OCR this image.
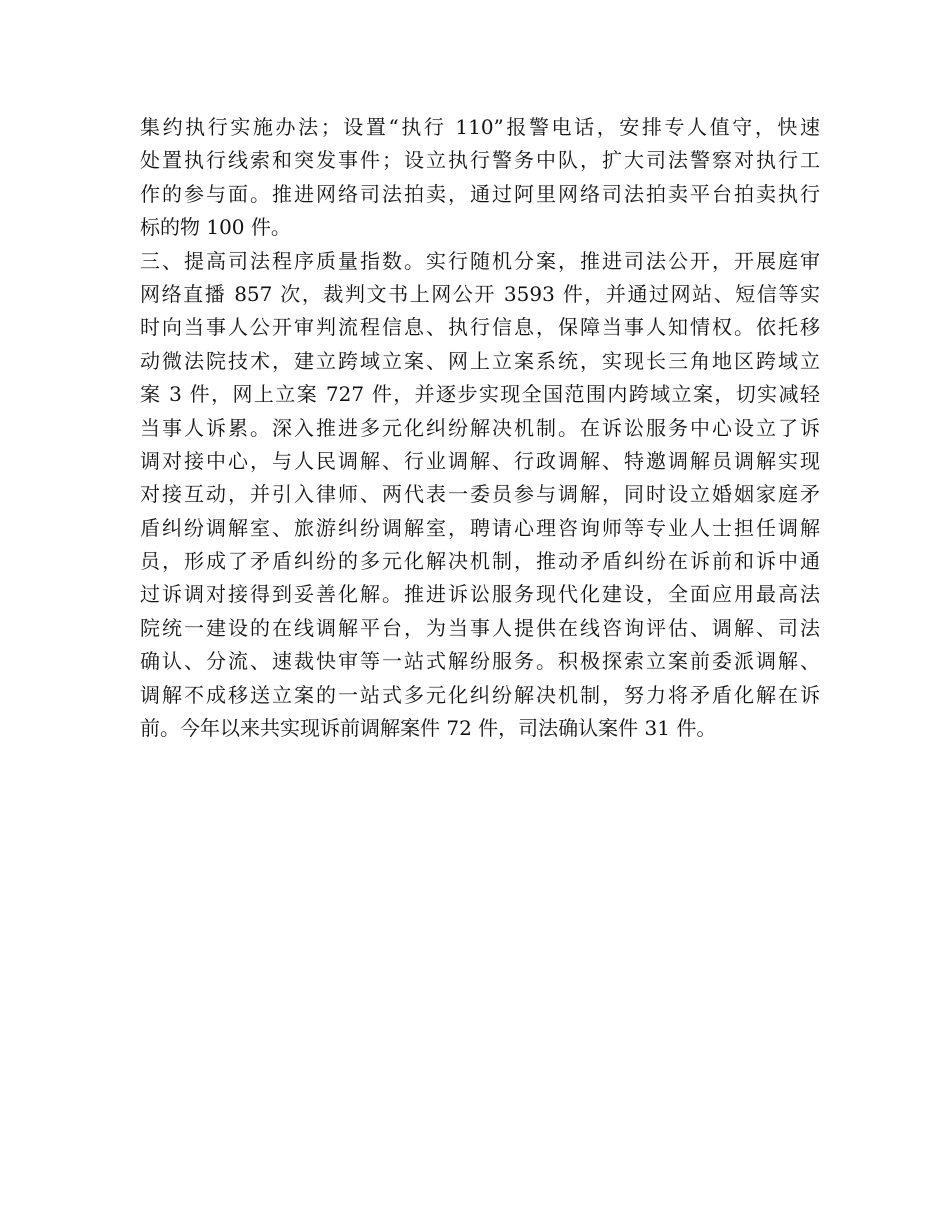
集约执行实施办法；设置“执行 110”报警电话，安排专人值守，快速
处置执行线索和突发事件；设立执行警务中队，扩大司法警察对执行工
作的参与面。推进网络司法拍卖，通过阿里网络司法拍卖平台拍卖执行
标的物 100 件。
三、提高司法程序质量指数。实行随机分案，推进司法公开，开展庭审
网络直播 857 次，裁判文书上网公开 3593 件，并通过网站、短信等实
时向当事人公开审判流程信息、执行信息，保障当事人知情权。依托移
动微法院技术，建立跨域立案、网上立案系统，实现长三角地区跨域立
案 3 件，网上立案 727 件，并逐步实现全国范围内跨域立案，切实减轻
当事人诉累。深入推进多元化纠纷解决机制。在诉讼服务中心设立了诉
调对接中心，与人民调解、行业调解、行政调解、特邀调解员调解实现
对接互动，并引入律师、两代表一委员参与调解，同时设立婚姻家庭矛
盾纠纷调解室、旅游纠纷调解室，聘请心理咨询师等专业人士担任调解
员，形成了矛盾纠纷的多元化解决机制，推动矛盾纠纷在诉前和诉中通
过诉调对接得到妥善化解。推进诉讼服务现代化建设，全面应用最高法
院统一建设的在线调解平台，为当事人提供在线咨询评估、调解、司法
确认、分流、速裁快审等一站式解纷服务。积极探索立案前委派调解、
调解不成移送立案的一站式多元化纠纷解决机制，努力将矛盾化解在诉
前。今年以来共实现诉前调解案件 72 件，司法确认案件 31 件。
